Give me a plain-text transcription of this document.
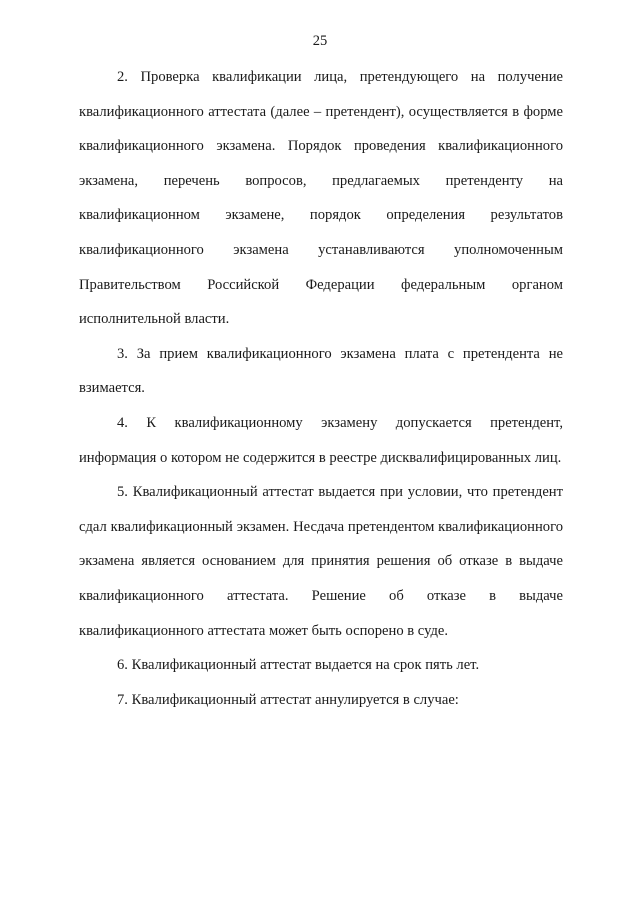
25

2. Проверка квалификации лица, претендующего на получение квалификационного аттестата (далее – претендент), осуществляется в форме квалификационного экзамена. Порядок проведения квалификационного экзамена, перечень вопросов, предлагаемых претенденту на квалификационном экзамене, порядок определения результатов квалификационного экзамена устанавливаются уполномоченным Правительством Российской Федерации федеральным органом исполнительной власти.

3. За прием квалификационного экзамена плата с претендента не взимается.

4. К квалификационному экзамену допускается претендент, информация о котором не содержится в реестре дисквалифицированных лиц.

5. Квалификационный аттестат выдается при условии, что претендент сдал квалификационный экзамен. Несдача претендентом квалификационного экзамена является основанием для принятия решения об отказе в выдаче квалификационного аттестата. Решение об отказе в выдаче квалификационного аттестата может быть оспорено в суде.

6. Квалификационный аттестат выдается на срок пять лет.

7. Квалификационный аттестат аннулируется в случае:
